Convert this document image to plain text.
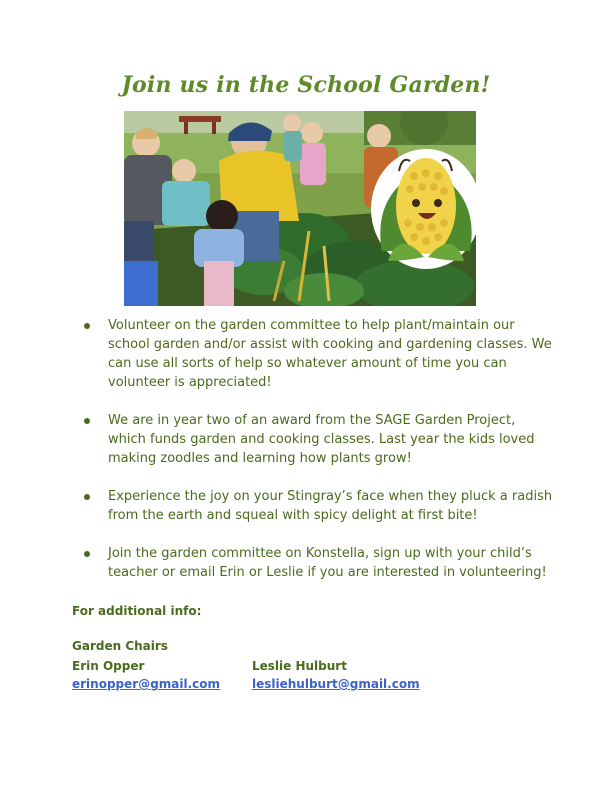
Join us in the School Garden!
Volunteer on the garden committee to help plant/maintain our school garden and/or assist with cooking and gardening classes. We can use all sorts of help so whatever amount of time you can volunteer is appreciated!
We are in year two of an award from the SAGE Garden Project, which funds garden and cooking classes. Last year the kids loved making zoodles and learning how plants grow!
Experience the joy on your Stingray’s face when they pluck a radish from the earth and squeal with spicy delight at first bite!
Join the garden committee on Konstella, sign up with your child’s teacher or email Erin or Leslie if you are interested in volunteering!
For additional info:
Garden Chairs
Erin Opper
erinopper@gmail.com
Leslie Hulburt
lesliehulburt@gmail.com
